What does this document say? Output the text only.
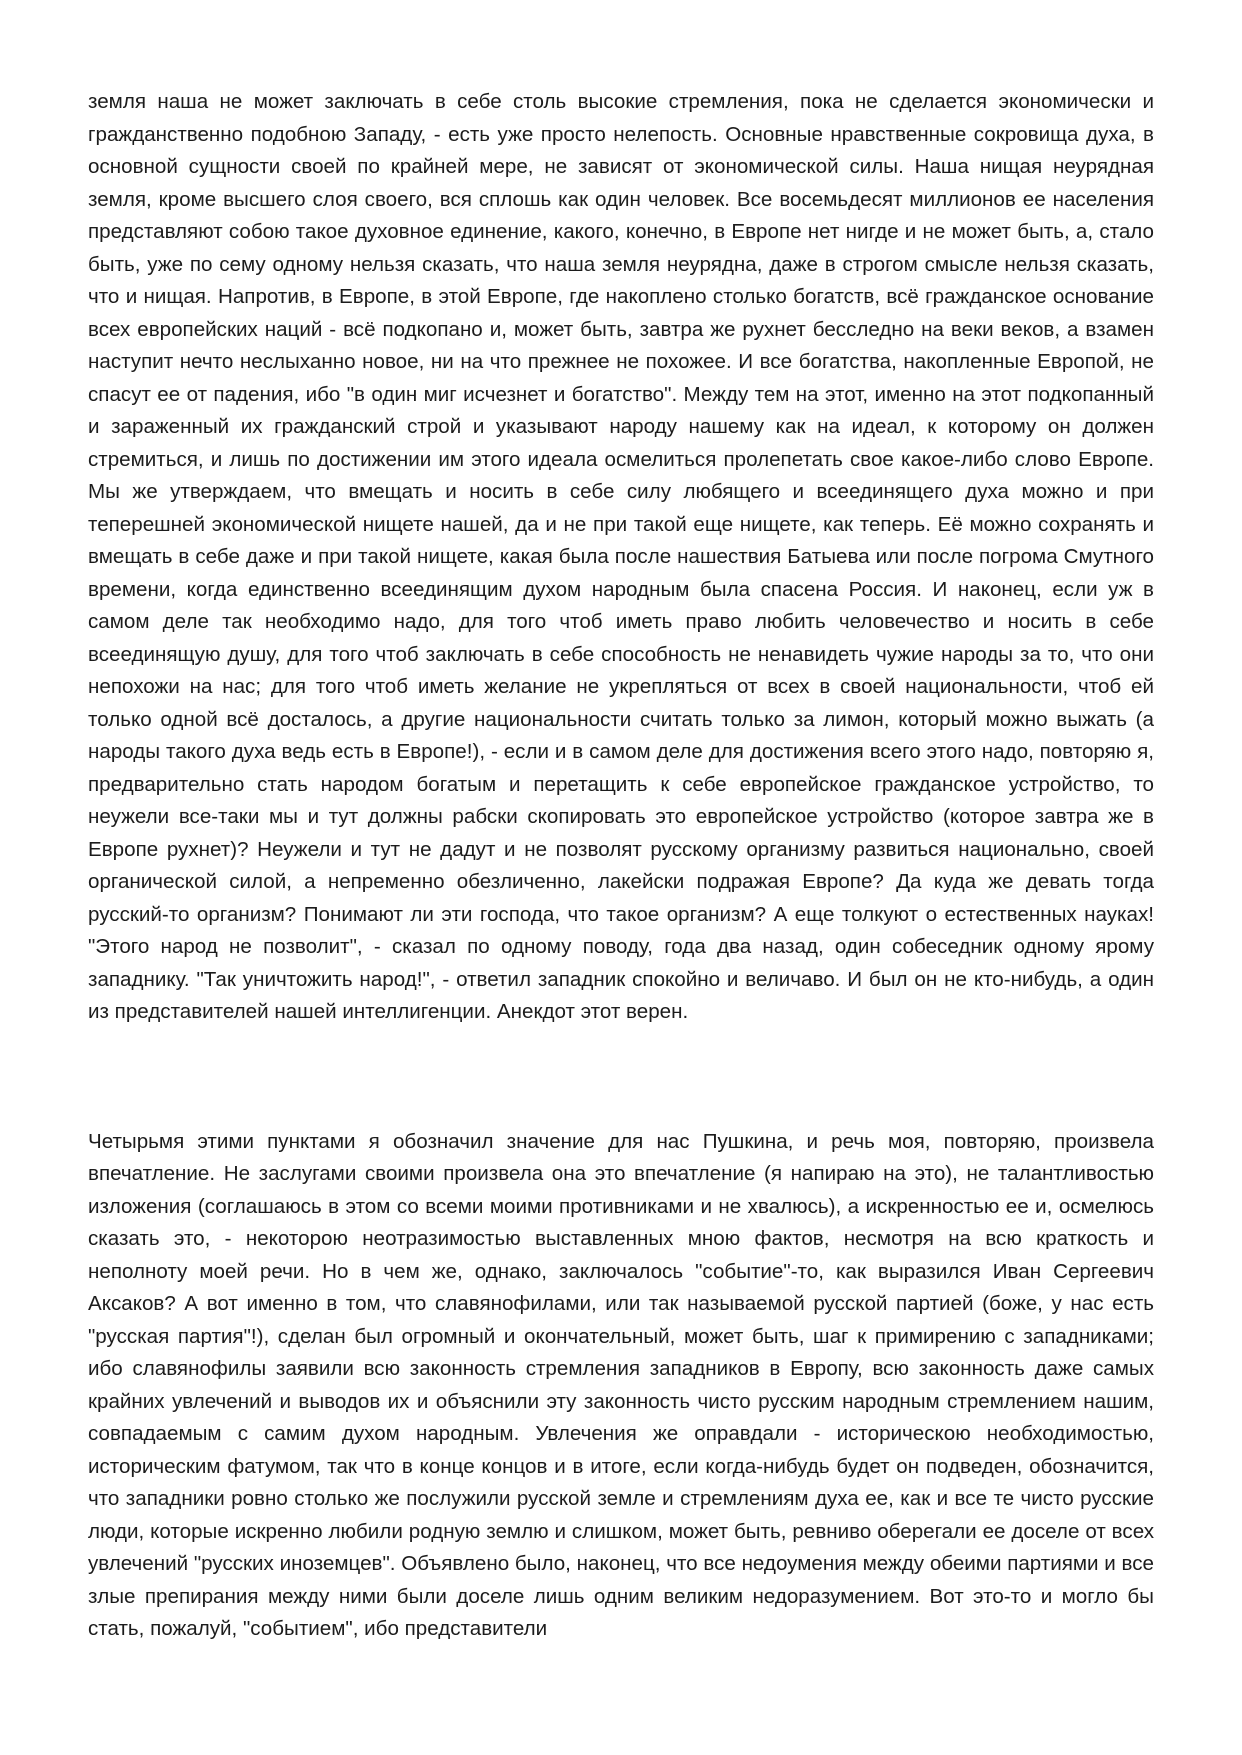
земля наша не может заключать в себе столь высокие стремления, пока не сделается экономически и гражданственно подобною Западу, - есть уже просто нелепость. Основные нравственные сокровища духа, в основной сущности своей по крайней мере, не зависят от экономической силы. Наша нищая неурядная земля, кроме высшего слоя своего, вся сплошь как один человек. Все восемьдесят миллионов ее населения представляют собою такое духовное единение, какого, конечно, в Европе нет нигде и не может быть, а, стало быть, уже по сему одному нельзя сказать, что наша земля неурядна, даже в строгом смысле нельзя сказать, что и нищая. Напротив, в Европе, в этой Европе, где накоплено столько богатств, всё гражданское основание всех европейских наций - всё подкопано и, может быть, завтра же рухнет бесследно на веки веков, а взамен наступит нечто неслыханно новое, ни на что прежнее не похожее. И все богатства, накопленные Европой, не спасут ее от падения, ибо "в один миг исчезнет и богатство". Между тем на этот, именно на этот подкопанный и зараженный их гражданский строй и указывают народу нашему как на идеал, к которому он должен стремиться, и лишь по достижении им этого идеала осмелиться пролепетать свое какое-либо слово Европе. Мы же утверждаем, что вмещать и носить в себе силу любящего и всеединящего духа можно и при теперешней экономической нищете нашей, да и не при такой еще нищете, как теперь. Её можно сохранять и вмещать в себе даже и при такой нищете, какая была после нашествия Батыева или после погрома Смутного времени, когда единственно всеединящим духом народным была спасена Россия. И наконец, если уж в самом деле так необходимо надо, для того чтоб иметь право любить человечество и носить в себе всеединящую душу, для того чтоб заключать в себе способность не ненавидеть чужие народы за то, что они непохожи на нас; для того чтоб иметь желание не укрепляться от всех в своей национальности, чтоб ей только одной всё досталось, а другие национальности считать только за лимон, который можно выжать (а народы такого духа ведь есть в Европе!), - если и в самом деле для достижения всего этого надо, повторяю я, предварительно стать народом богатым и перетащить к себе европейское гражданское устройство, то неужели все-таки мы и тут должны рабски скопировать это европейское устройство (которое завтра же в Европе рухнет)? Неужели и тут не дадут и не позволят русскому организму развиться национально, своей органической силой, а непременно обезличенно, лакейски подражая Европе? Да куда же девать тогда русский-то организм? Понимают ли эти господа, что такое организм? А еще толкуют о естественных науках! "Этого народ не позволит", - сказал по одному поводу, года два назад, один собеседник одному ярому западнику. "Так уничтожить народ!", - ответил западник спокойно и величаво. И был он не кто-нибудь, а один из представителей нашей интеллигенции. Анекдот этот верен.

Четырьмя этими пунктами я обозначил значение для нас Пушкина, и речь моя, повторяю, произвела впечатление. Не заслугами своими произвела она это впечатление (я напираю на это), не талантливостью изложения (соглашаюсь в этом со всеми моими противниками и не хвалюсь), а искренностью ее и, осмелюсь сказать это, - некоторою неотразимостью выставленных мною фактов, несмотря на всю краткость и неполноту моей речи. Но в чем же, однако, заключалось "событие"-то, как выразился Иван Сергеевич Аксаков? А вот именно в том, что славянофилами, или так называемой русской партией (боже, у нас есть "русская партия"!), сделан был огромный и окончательный, может быть, шаг к примирению с западниками; ибо славянофилы заявили всю законность стремления западников в Европу, всю законность даже самых крайних увлечений и выводов их и объяснили эту законность чисто русским народным стремлением нашим, совпадаемым с самим духом народным. Увлечения же оправдали - историческою необходимостью, историческим фатумом, так что в конце концов и в итоге, если когда-нибудь будет он подведен, обозначится, что западники ровно столько же послужили русской земле и стремлениям духа ее, как и все те чисто русские люди, которые искренно любили родную землю и слишком, может быть, ревниво оберегали ее доселе от всех увлечений "русских иноземцев". Объявлено было, наконец, что все недоумения между обеими партиями и все злые препирания между ними были доселе лишь одним великим недоразумением. Вот это-то и могло бы стать, пожалуй, "событием", ибо представители
